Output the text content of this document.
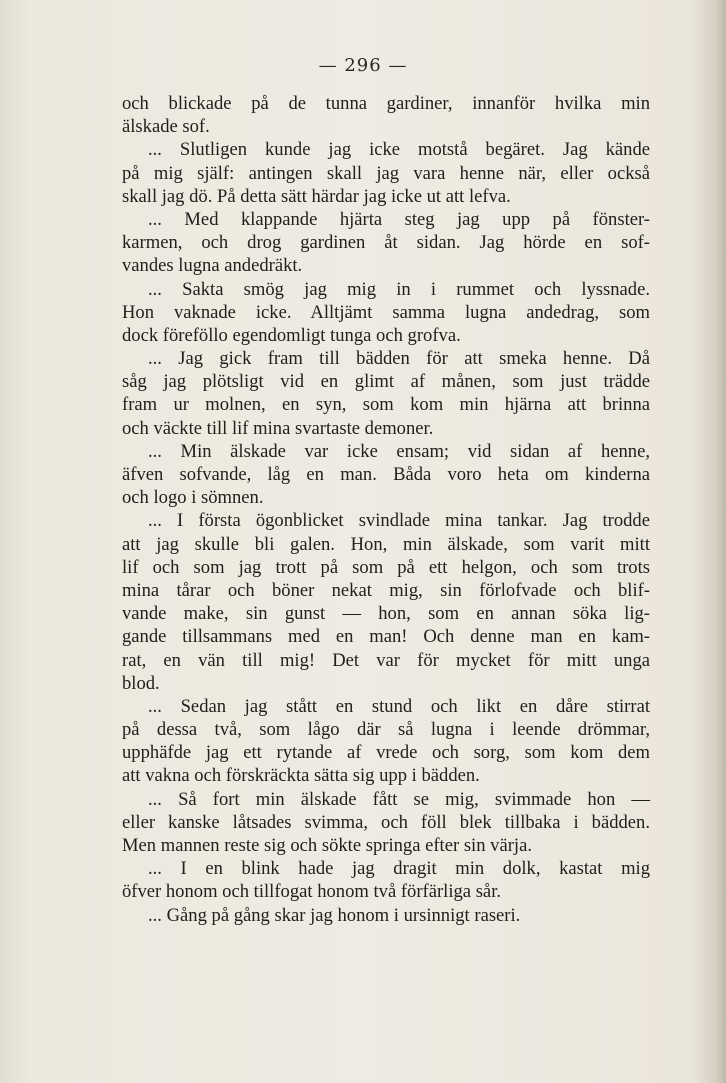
— 296 —
och blickade på de tunna gardiner, innanför hvilka min
älskade sof.
... Slutligen kunde jag icke motstå begäret. Jag kände
på mig själf: antingen skall jag vara henne när, eller också
skall jag dö. På detta sätt härdar jag icke ut att lefva.
... Med klappande hjärta steg jag upp på fönster-
karmen, och drog gardinen åt sidan. Jag hörde en sof-
vandes lugna andedräkt.
... Sakta smög jag mig in i rummet och lyssnade.
Hon vaknade icke. Alltjämt samma lugna andedrag, som
dock föreföllo egendomligt tunga och grofva.
... Jag gick fram till bädden för att smeka henne. Då
såg jag plötsligt vid en glimt af månen, som just trädde
fram ur molnen, en syn, som kom min hjärna att brinna
och väckte till lif mina svartaste demoner.
... Min älskade var icke ensam; vid sidan af henne,
äfven sofvande, låg en man. Båda voro heta om kinderna
och logo i sömnen.
... I första ögonblicket svindlade mina tankar. Jag trodde
att jag skulle bli galen. Hon, min älskade, som varit mitt
lif och som jag trott på som på ett helgon, och som trots
mina tårar och böner nekat mig, sin förlofvade och blif-
vande make, sin gunst — hon, som en annan söka lig-
gande tillsammans med en man! Och denne man en kam-
rat, en vän till mig! Det var för mycket för mitt unga
blod.
... Sedan jag stått en stund och likt en dåre stirrat
på dessa två, som lågo där så lugna i leende drömmar,
upphäfde jag ett rytande af vrede och sorg, som kom dem
att vakna och förskräckta sätta sig upp i bädden.
... Så fort min älskade fått se mig, svimmade hon —
eller kanske låtsades svimma, och föll blek tillbaka i bädden.
Men mannen reste sig och sökte springa efter sin värja.
... I en blink hade jag dragit min dolk, kastat mig
öfver honom och tillfogat honom två förfärliga sår.
... Gång på gång skar jag honom i ursinnigt raseri.
